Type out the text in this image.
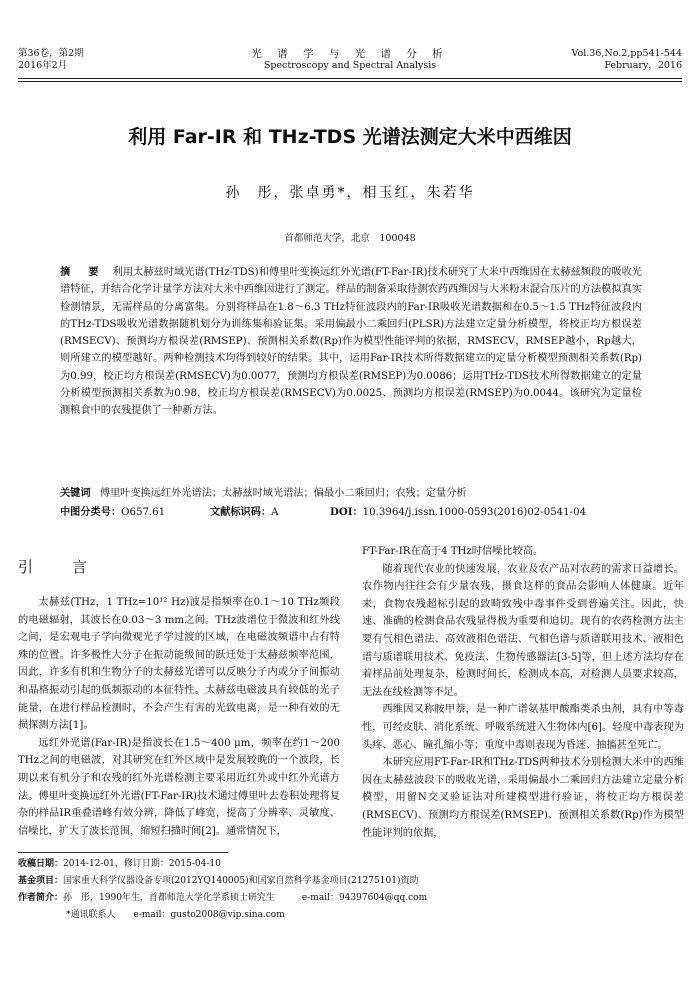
第36卷，第2期
2016年2月
光 谱 学 与 光 谱 分 析
Spectroscopy and Spectral Analysis
Vol.36,No.2,pp541-544
February，2016
利用 Far-IR 和 THz-TDS 光谱法测定大米中西维因
孙　彤，张卓勇*，相玉红，朱若华
首都师范大学，北京　100048
摘　要 利用太赫兹时域光谱(THz-TDS)和傅里叶变换远红外光谱(FT-Far-IR)技术研究了大米中西维因在太赫兹频段的吸收光谱特征，并结合化学计量学方法对大米中西维因进行了测定。样品的制备采取待测农药西维因与大米粉末混合压片的方法模拟真实检测情景，无需样品的分离富集。分别将样品在1.8～6.3 THz特征波段内的Far-IR吸收光谱数据和在0.5～1.5 THz特征波段内的THz-TDS吸收光谱数据随机划分为训练集和验证集。采用偏最小二乘回归(PLSR)方法建立定量分析模型，将校正均方根误差(RMSECV)、预测均方根误差(RMSEP)、预测相关系数(Rp)作为模型性能评判的依据，RMSECV，RMSEP越小，Rp越大，则所建立的模型越好。两种检测技术均得到较好的结果。其中，运用Far-IR技术所得数据建立的定量分析模型预测相关系数(Rp)为0.99，校正均方根误差(RMSECV)为0.0077，预测均方根误差(RMSEP)为0.0086；运用THz-TDS技术所得数据建立的定量分析模型预测相关系数为0.98，校正均方根误差(RMSECV)为0.0025、预测均方根误差(RMSEP)为0.0044。该研究为定量检测粮食中的农残提供了一种新方法。
关键词 傅里叶变换远红外光谱法；太赫兹时域光谱法；偏最小二乘回归；农残；定量分析
中图分类号：O657.61	文献标识码：A	DOI：10.3964/j.issn.1000-0593(2016)02-0541-04
引　言

太赫兹(THz，1 THz=10¹² Hz)波是指频率在0.1～10 THz频段的电磁辐射，其波长在0.03～3 mm之间。THz波谱位于微波和红外线之间，是宏观电子学向微观光子学过渡的区域，在电磁波频谱中占有特殊的位置。许多极性大分子在振动能级间的跃迁处于太赫兹频率范围，因此，许多有机和生物分子的太赫兹光谱可以反映分子内或分子间振动和晶格振动引起的低频振动的本征特性。太赫兹电磁波具有较低的光子能量，在进行样品检测时，不会产生有害的光致电离，是一种有效的无损探测方法[1]。

远红外光谱(Far-IR)是指波长在1.5～400 μm，频率在约1～200 THz之间的电磁波，对其研究在红外区域中是发展较晚的一个波段，长期以来有机分子和农残的红外光谱检测主要采用近红外或中红外光谱方法。傅里叶变换远红外光谱(FT-Far-IR)技术通过傅里叶去卷积处理将复杂的样品IR重叠谱峰有效分辨，降低了峰宽，提高了分辨率、灵敏度、信噪比，扩大了波长范围，缩短扫描时间[2]。通常情况下，

FT-Far-IR在高于4 THz时信噪比较高。

随着现代农业的快速发展，农业及农产品对农药的需求日益增长。农作物内往往会有少量农残，摄食这样的食品会影响人体健康。近年来，食物农残超标引起的致畸致残中毒事件受到普遍关注。因此，快速、准确的检测食品农残显得极为重要和迫切。现有的农药检测方法主要有气相色谱法、高效液相色谱法、气相色谱与质谱联用技术、液相色谱与质谱联用技术、免疫法、生物传感器法[3-5]等，但上述方法均存在着样品前处理复杂，检测时间长，检测成本高，对检测人员要求较高，无法在线检测等不足。

西维因又称胺甲萘，是一种广谱氨基甲酸酯类杀虫剂，具有中等毒性，可经皮肤、消化系统、呼吸系统进入生物体内[6]。轻度中毒表现为头疼、恶心、瞳孔缩小等；重度中毒则表现为昏迷、抽搐甚至死亡。

本研究应用FT-Far-IR和THz-TDS两种技术分别检测大米中的西维因在太赫兹波段下的吸收光谱，采用偏最小二乘回归方法建立定量分析模型，用留N交叉验证法对所建模型进行验证，将校正均方根误差(RMSECV)、预测均方根误差(RMSEP)、预测相关系数(Rp)作为模型性能评判的依据，

收稿日期：2014-12-01，修订日期：2015-04-10
基金项目：国家重大科学仪器设备专项(2012YQ140005)和国家自然科学基金项目(21275101)资助
作者简介：孙　彤，1990年生，首都师范大学化学系硕士研究生　　　e-mail：94397604@qq.com
*通讯联系人　　e-mail：gusto2008@vip.sina.com
